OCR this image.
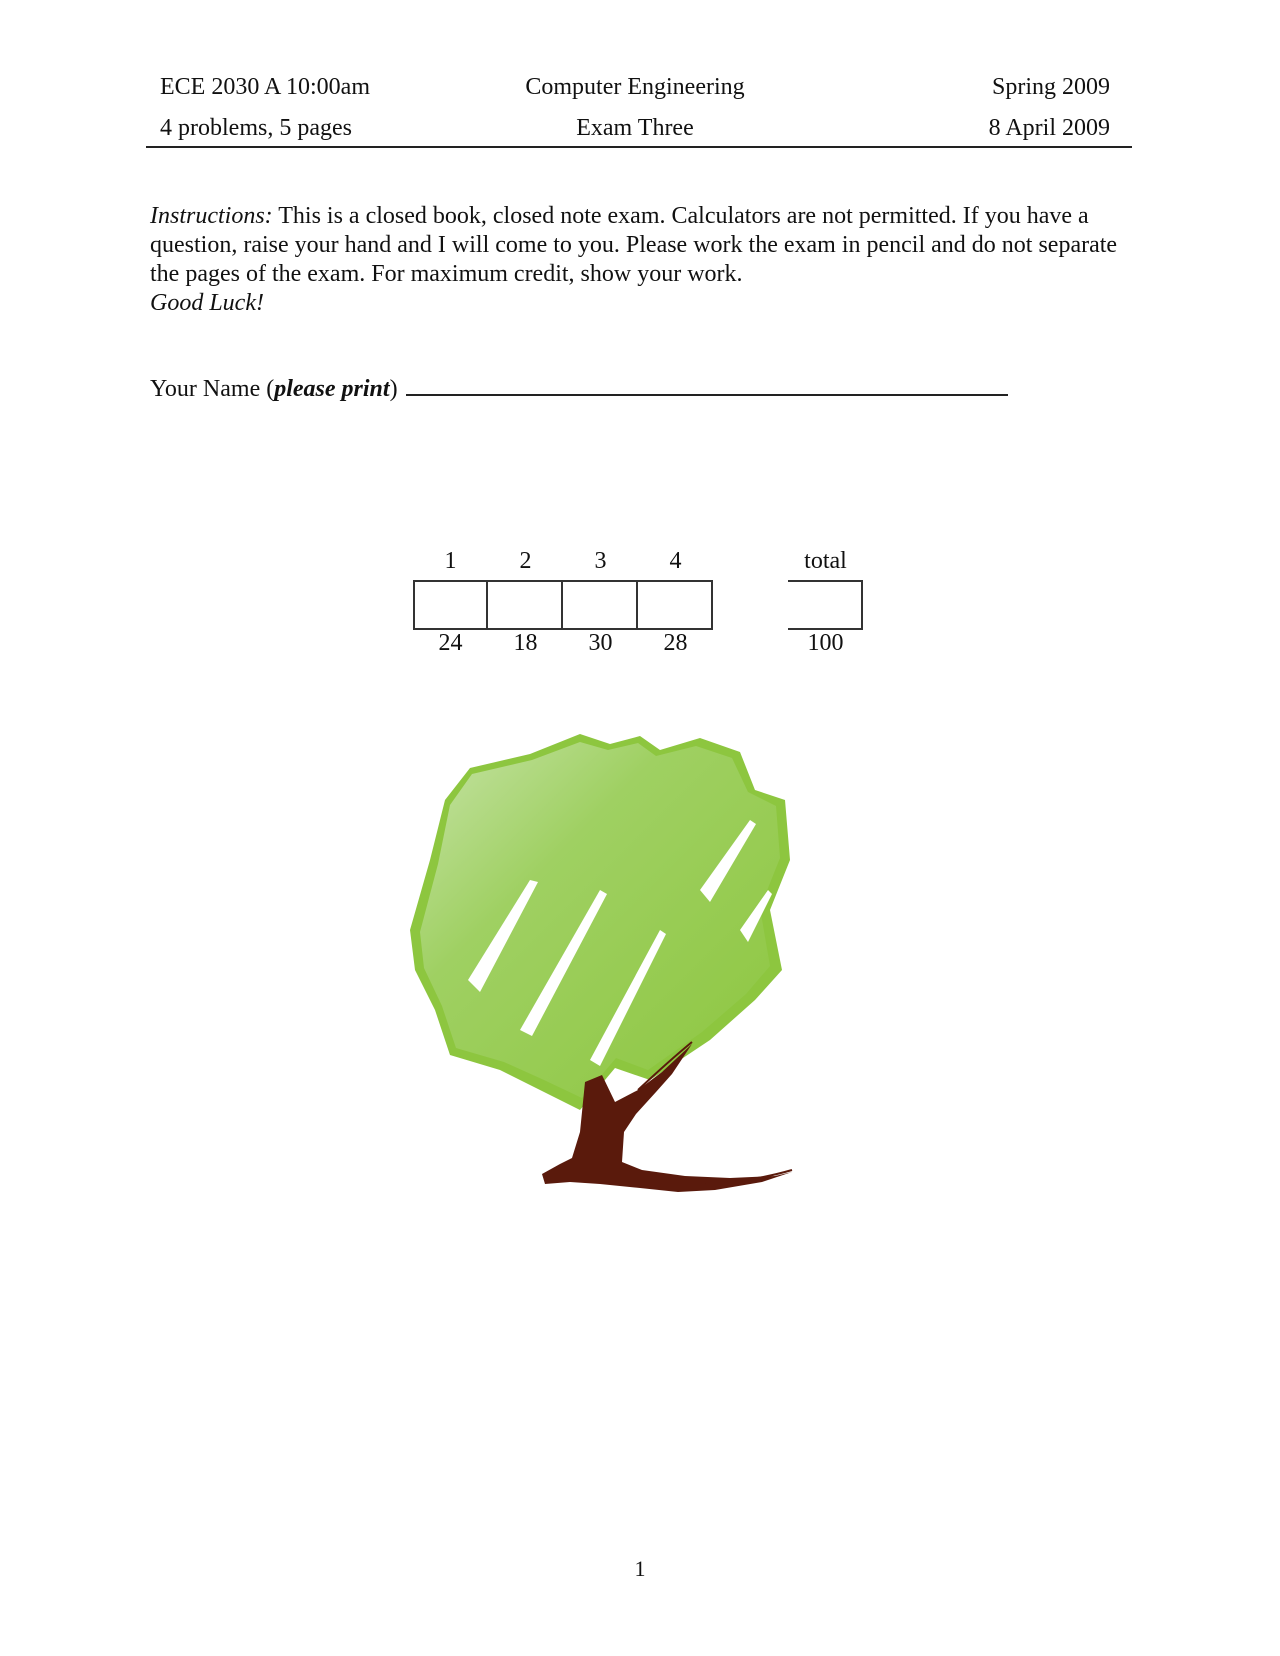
ECE 2030 A 10:00am	Computer Engineering	Spring 2009
4 problems, 5 pages	Exam Three	8 April 2009

Instructions: This is a closed book, closed note exam. Calculators are not permitted. If you have a question, raise your hand and I will come to you. Please work the exam in pencil and do not separate the pages of the exam. For maximum credit, show your work.

Good Luck!

Your Name (please print)
1	2	3	4	total
24	18	30	28	100
1
